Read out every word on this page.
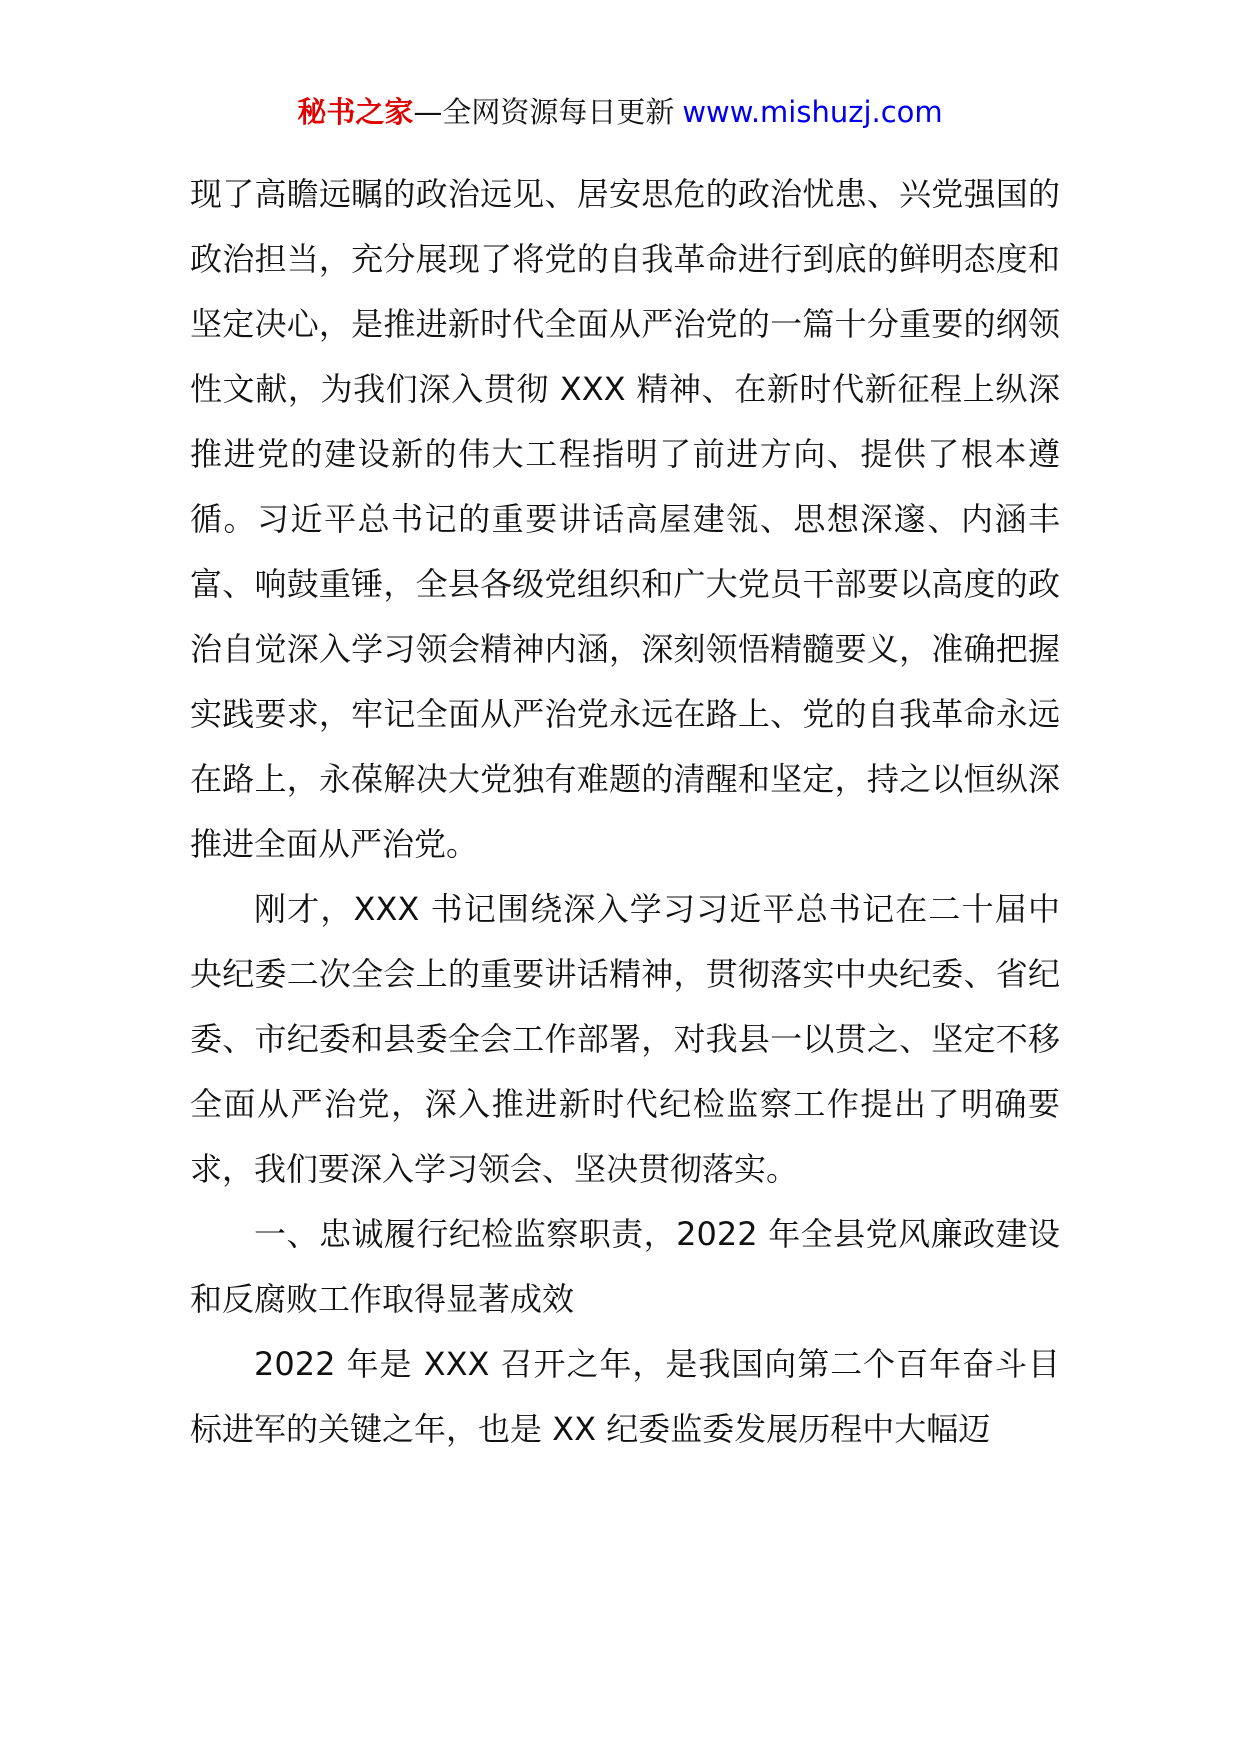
秘书之家—全网资源每日更新 www.mishuzj.com

现了高瞻远瞩的政治远见、居安思危的政治忧患、兴党强国的政治担当，充分展现了将党的自我革命进行到底的鲜明态度和坚定决心，是推进新时代全面从严治党的一篇十分重要的纲领性文献，为我们深入贯彻 XXX 精神、在新时代新征程上纵深推进党的建设新的伟大工程指明了前进方向、提供了根本遵循。习近平总书记的重要讲话高屋建瓴、思想深邃、内涵丰富、响鼓重锤，全县各级党组织和广大党员干部要以高度的政治自觉深入学习领会精神内涵，深刻领悟精髓要义，准确把握实践要求，牢记全面从严治党永远在路上、党的自我革命永远在路上，永葆解决大党独有难题的清醒和坚定，持之以恒纵深推进全面从严治党。

刚才，XXX 书记围绕深入学习习近平总书记在二十届中央纪委二次全会上的重要讲话精神，贯彻落实中央纪委、省纪委、市纪委和县委全会工作部署，对我县一以贯之、坚定不移全面从严治党，深入推进新时代纪检监察工作提出了明确要求，我们要深入学习领会、坚决贯彻落实。

一、忠诚履行纪检监察职责，2022 年全县党风廉政建设和反腐败工作取得显著成效

2022 年是 XXX 召开之年，是我国向第二个百年奋斗目标进军的关键之年，也是 XX 纪委监委发展历程中大幅迈
